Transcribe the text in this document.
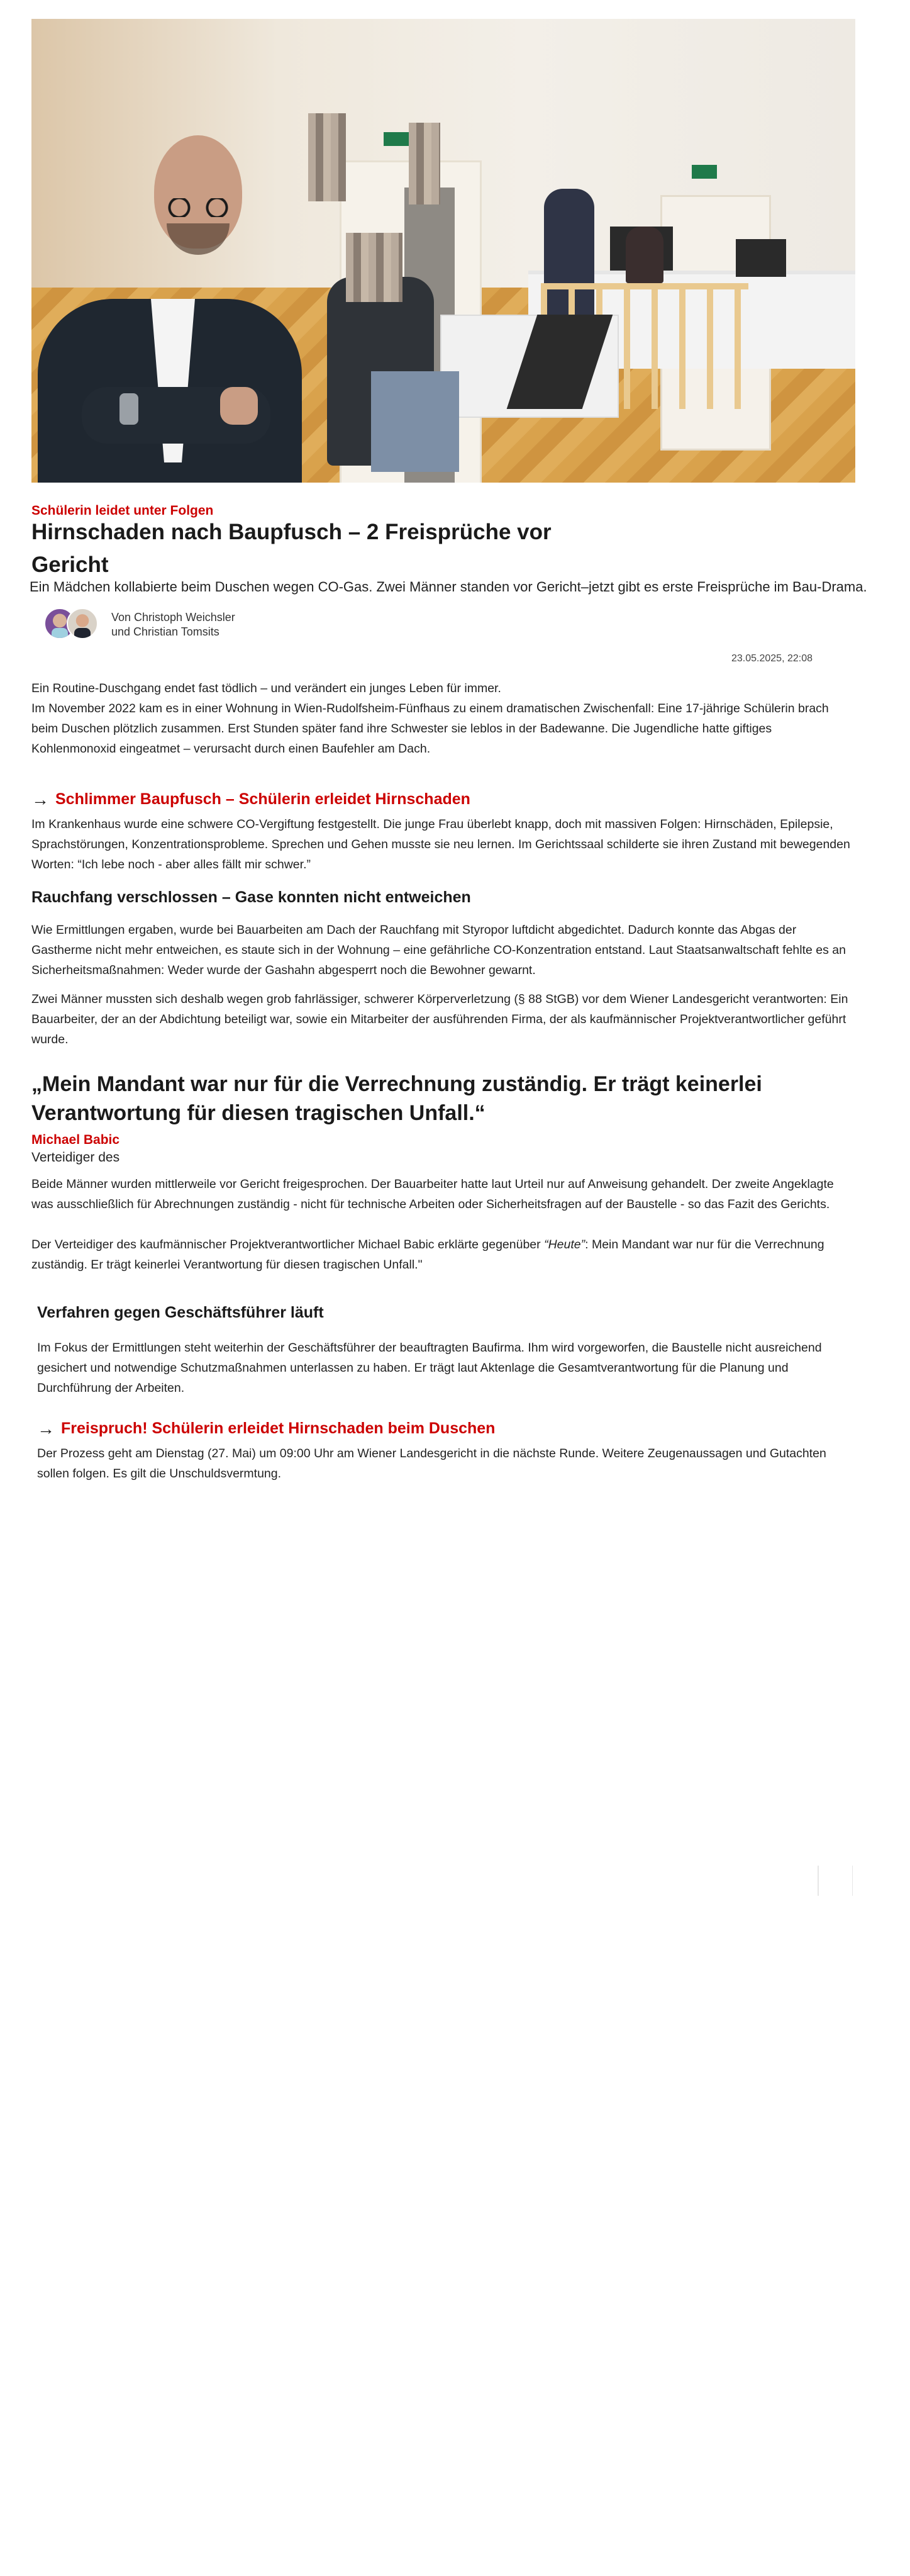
Schülerin leidet unter Folgen
Hirnschaden nach Baupfusch – 2 Freisprüche vor Gericht
Ein Mädchen kollabierte beim Duschen wegen CO-Gas. Zwei Männer standen vor Gericht–jetzt gibt es erste Freisprüche im Bau-Drama.
Von Christoph Weichsler
und Christian Tomsits
23.05.2025, 22:08

Ein Routine-Duschgang endet fast tödlich – und verändert ein junges Leben für immer.

Im November 2022 kam es in einer Wohnung in Wien-Rudolfsheim-Fünfhaus zu einem dramatischen Zwischenfall: Eine 17-jährige Schülerin brach beim Duschen plötzlich zusammen. Erst Stunden später fand ihre Schwester sie leblos in der Badewanne. Die Jugendliche hatte giftiges Kohlenmonoxid eingeatmet – verursacht durch einen Baufehler am Dach.

→ Schlimmer Baupfusch – Schülerin erleidet Hirnschaden

Im Krankenhaus wurde eine schwere CO-Vergiftung festgestellt. Die junge Frau überlebt knapp, doch mit massiven Folgen: Hirnschäden, Epilepsie, Sprachstörungen, Konzentrationsprobleme. Sprechen und Gehen musste sie neu lernen. Im Gerichtssaal schilderte sie ihren Zustand mit bewegenden Worten: “Ich lebe noch - aber alles fällt mir schwer.”

Rauchfang verschlossen – Gase konnten nicht entweichen

Wie Ermittlungen ergaben, wurde bei Bauarbeiten am Dach der Rauchfang mit Styropor luftdicht abgedichtet. Dadurch konnte das Abgas der Gastherme nicht mehr entweichen, es staute sich in der Wohnung – eine gefährliche CO-Konzentration entstand. Laut Staatsanwaltschaft fehlte es an Sicherheitsmaßnahmen: Weder wurde der Gashahn abgesperrt noch die Bewohner gewarnt.

Zwei Männer mussten sich deshalb wegen grob fahrlässiger, schwerer Körperverletzung (§ 88 StGB) vor dem Wiener Landesgericht verantworten: Ein Bauarbeiter, der an der Abdichtung beteiligt war, sowie ein Mitarbeiter der ausführenden Firma, der als kaufmännischer Projektverantwortlicher geführt wurde.

„Mein Mandant war nur für die Verrechnung zuständig. Er trägt keinerlei Verantwortung für diesen tragischen Unfall.“
Michael Babic
Verteidiger des

Beide Männer wurden mittlerweile vor Gericht freigesprochen. Der Bauarbeiter hatte laut Urteil nur auf Anweisung gehandelt. Der zweite Angeklagte was ausschließlich für Abrechnungen zuständig - nicht für technische Arbeiten oder Sicherheitsfragen auf der Baustelle - so das Fazit des Gerichts.

Der Verteidiger des kaufmännischer Projektverantwortlicher Michael Babic erklärte gegenüber “Heute”: Mein Mandant war nur für die Verrechnung zuständig. Er trägt keinerlei Verantwortung für diesen tragischen Unfall."

Verfahren gegen Geschäftsführer läuft

Im Fokus der Ermittlungen steht weiterhin der Geschäftsführer der beauftragten Baufirma. Ihm wird vorgeworfen, die Baustelle nicht ausreichend gesichert und notwendige Schutzmaßnahmen unterlassen zu haben. Er trägt laut Aktenlage die Gesamtverantwortung für die Planung und Durchführung der Arbeiten.

→ Freispruch! Schülerin erleidet Hirnschaden beim Duschen

Der Prozess geht am Dienstag (27. Mai) um 09:00 Uhr am Wiener Landesgericht in die nächste Runde. Weitere Zeugenaussagen und Gutachten sollen folgen. Es gilt die Unschuldsvermtung.
